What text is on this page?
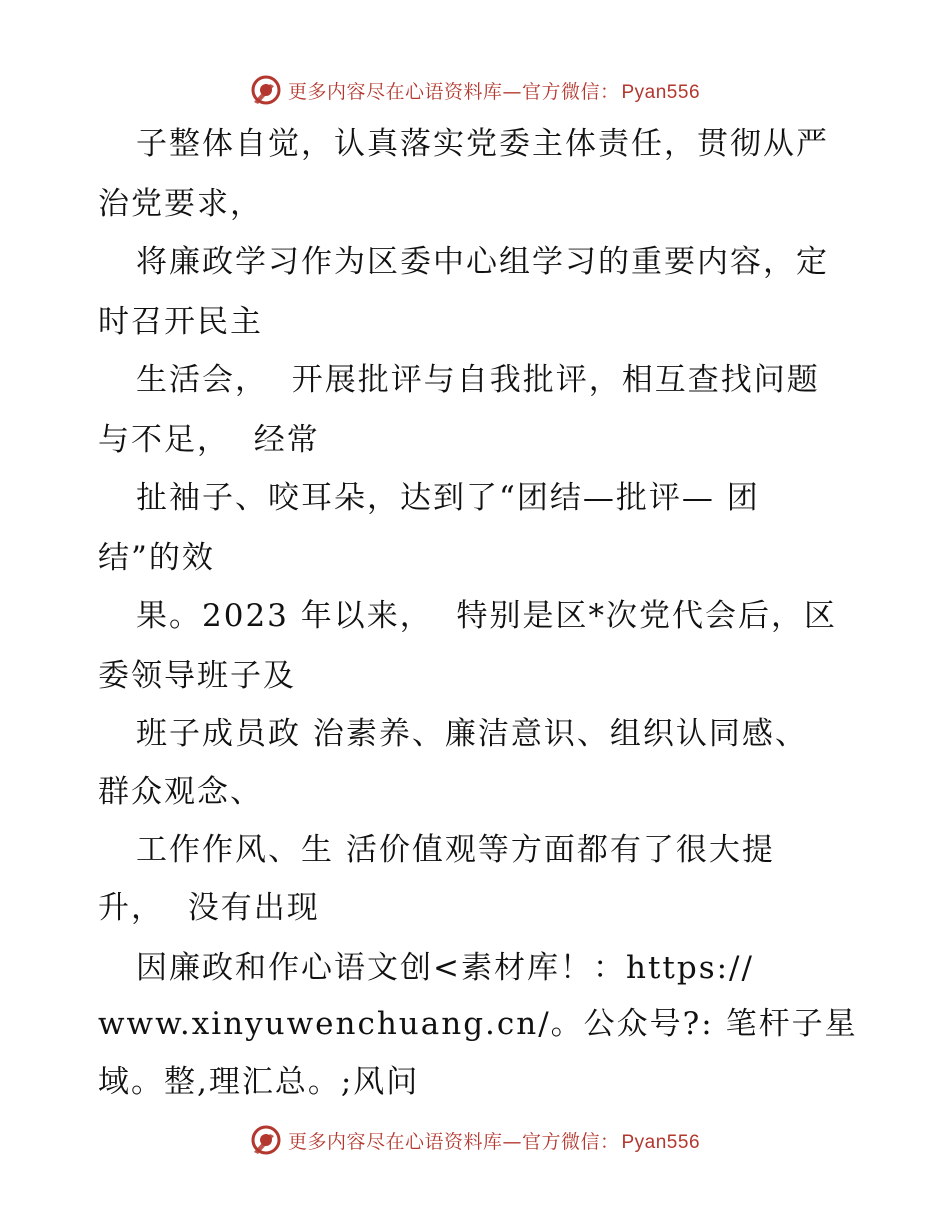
更多内容尽在心语资料库—官方微信： Pyan556
子整体自觉，认真落实党委主体责任，贯彻从严
治党要求，
将廉政学习作为区委中心组学习的重要内容，定
时召开民主
生活会，  开展批评与自我批评，相互查找问题
与不足，  经常
扯袖子、咬耳朵，达到了“团结—批评— 团
结”的效
果。2023 年以来，  特别是区*次党代会后，区
委领导班子及
班子成员政 治素养、廉洁意识、组织认同感、
群众观念、
工作作风、生 活价值观等方面都有了很大提
升，  没有出现
因廉政和作心语文创<素材库！：https://
www.xinyuwenchuang.cn/。公众号?: 笔杆子星
域。整,理汇总。;风问
更多内容尽在心语资料库—官方微信： Pyan556
